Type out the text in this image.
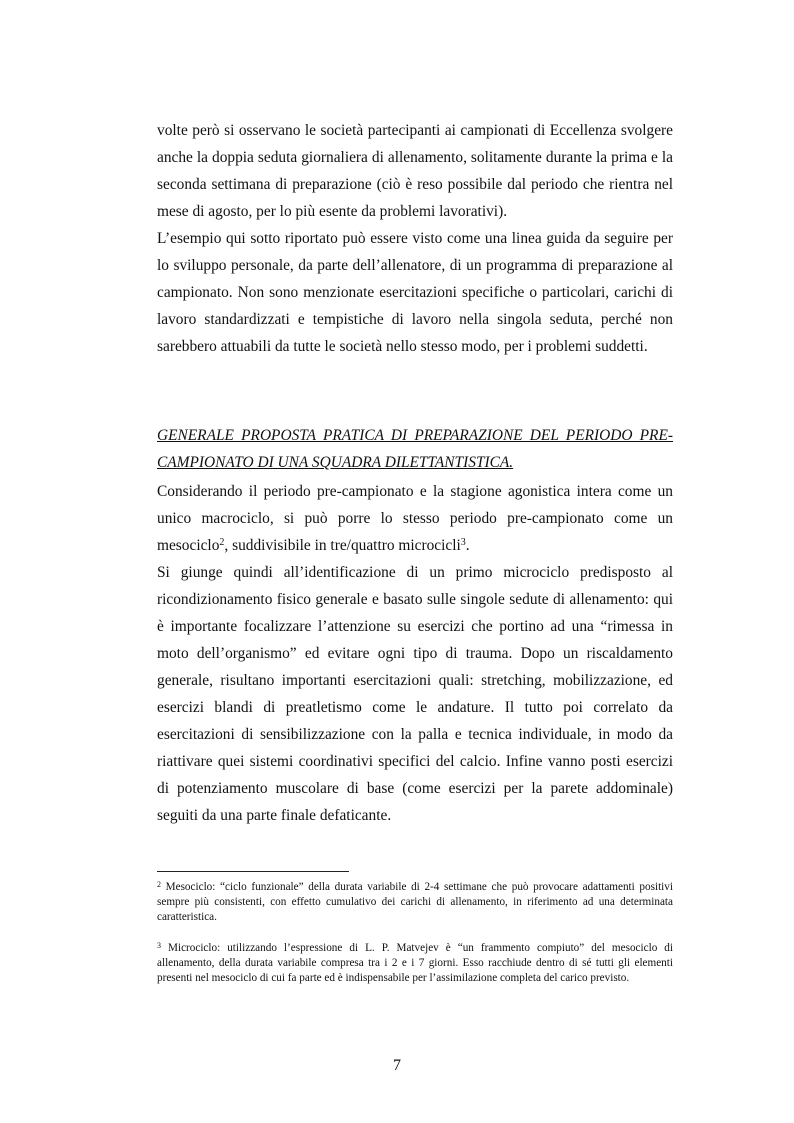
volte però si osservano le società partecipanti ai campionati di Eccellenza svolgere anche la doppia seduta giornaliera di allenamento, solitamente durante la prima e la seconda settimana di preparazione (ciò è reso possibile dal periodo che rientra nel mese di agosto, per lo più esente da problemi lavorativi).

L’esempio qui sotto riportato può essere visto come una linea guida da seguire per lo sviluppo personale, da parte dell’allenatore, di un programma di preparazione al campionato. Non sono menzionate esercitazioni specifiche o particolari, carichi di lavoro standardizzati e tempistiche di lavoro nella singola seduta, perché non sarebbero attuabili da tutte le società nello stesso modo, per i problemi suddetti.

GENERALE PROPOSTA PRATICA DI PREPARAZIONE DEL PERIODO PRE-CAMPIONATO DI UNA SQUADRA DILETTANTISTICA.

Considerando il periodo pre-campionato e la stagione agonistica intera come un unico macrociclo, si può porre lo stesso periodo pre-campionato come un mesociclo$^2$, suddivisibile in tre/quattro microcicli$^3$.

Si giunge quindi all’identificazione di un primo microciclo predisposto al ricondizionamento fisico generale e basato sulle singole sedute di allenamento: qui è importante focalizzare l’attenzione su esercizi che portino ad una “rimessa in moto dell’organismo” ed evitare ogni tipo di trauma. Dopo un riscaldamento generale, risultano importanti esercitazioni quali: stretching, mobilizzazione, ed esercizi blandi di preatletismo come le andature. Il tutto poi correlato da esercitazioni di sensibilizzazione con la palla e tecnica individuale, in modo da riattivare quei sistemi coordinativi specifici del calcio. Infine vanno posti esercizi di potenziamento muscolare di base (come esercizi per la parete addominale) seguiti da una parte finale defaticante.

$^2$ Mesociclo: “ciclo funzionale” della durata variabile di 2-4 settimane che può provocare adattamenti positivi sempre più consistenti, con effetto cumulativo dei carichi di allenamento, in riferimento ad una determinata caratteristica.

$^3$ Microciclo: utilizzando l’espressione di L. P. Matvejev è “un frammento compiuto” del mesociclo di allenamento, della durata variabile compresa tra i 2 e i 7 giorni. Esso racchiude dentro di sé tutti gli elementi presenti nel mesociclo di cui fa parte ed è indispensabile per l’assimilazione completa del carico previsto.

7
